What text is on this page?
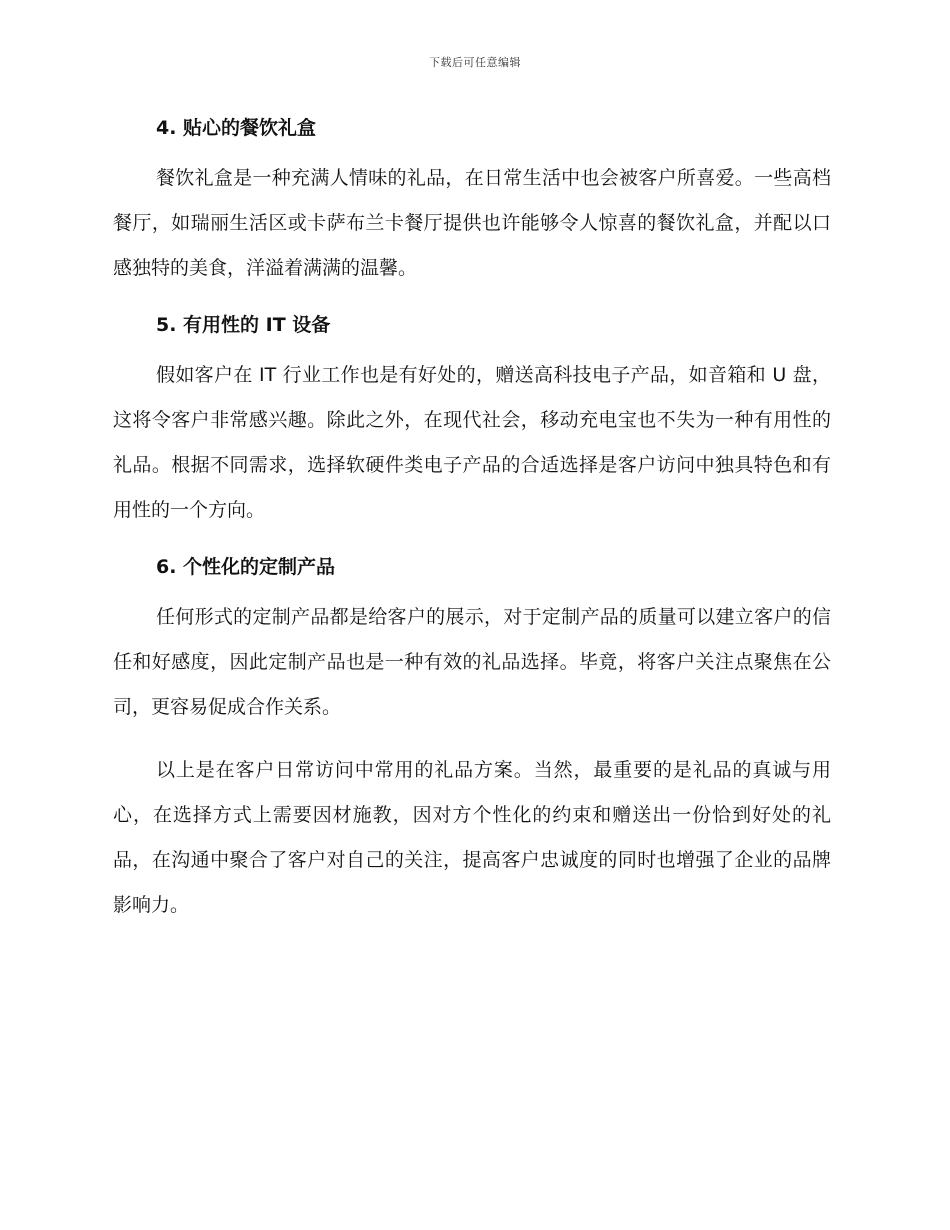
下载后可任意编辑
4. 贴心的餐饮礼盒

餐饮礼盒是一种充满人情味的礼品，在日常生活中也会被客户所喜爱。一些高档餐厅，如瑞丽生活区或卡萨布兰卡餐厅提供也许能够令人惊喜的餐饮礼盒，并配以口感独特的美食，洋溢着满满的温馨。

5. 有用性的 IT 设备

假如客户在 IT 行业工作也是有好处的，赠送高科技电子产品，如音箱和 U 盘，这将令客户非常感兴趣。除此之外，在现代社会，移动充电宝也不失为一种有用性的礼品。根据不同需求，选择软硬件类电子产品的合适选择是客户访问中独具特色和有用性的一个方向。

6. 个性化的定制产品

任何形式的定制产品都是给客户的展示，对于定制产品的质量可以建立客户的信任和好感度，因此定制产品也是一种有效的礼品选择。毕竟，将客户关注点聚焦在公司，更容易促成合作关系。

以上是在客户日常访问中常用的礼品方案。当然，最重要的是礼品的真诚与用心，在选择方式上需要因材施教，因对方个性化的约束和赠送出一份恰到好处的礼品，在沟通中聚合了客户对自己的关注，提高客户忠诚度的同时也增强了企业的品牌影响力。
